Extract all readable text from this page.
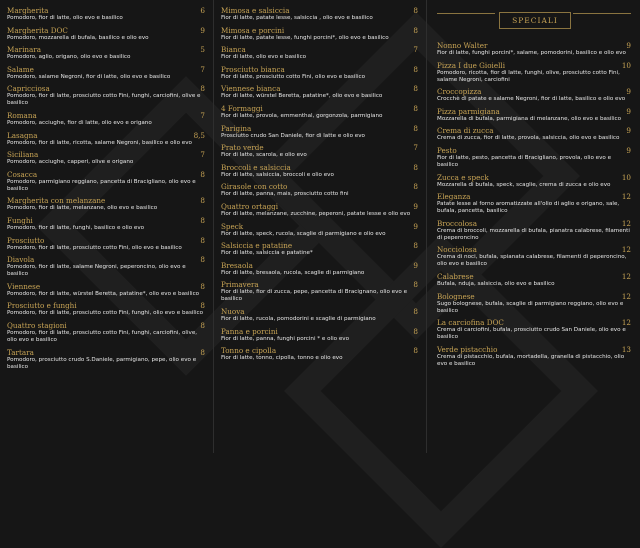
Margherita	6
Pomodoro, fior di latte, olio evo e basilico
Margherita DOC	9
Pomodoro, mozzarella di bufala, basilico e olio evo
Marinara	5
Pomodoro, aglio, origano, olio evo e basilico
Salame	7
Pomodoro, salame Negroni, fior di latte, olio evo e basilico
Capricciosa	8
Pomodoro, fior di latte, prosciutto cotto Fini, funghi, carciofini, olive e basilico
Romana	7
Pomodoro, acciughe, fior di latte, olio evo e origano
Lasagna	8,5
Pomodoro, fior di latte, ricotta, salame Negroni, basilico e olio evo
Siciliana	7
Pomodoro, acciughe, capperi, olive e origano
Cosacca	8
Pomodoro, parmigiano reggiano, pancetta di Bracigliano, olio evo e basilico
Margherita con melanzane	8
Pomodoro, fior di latte, melanzane, olio evo e basilico
Funghi	8
Pomodoro, fior di latte, funghi, basilico e olio evo
Prosciutto	8
Pomodoro, fior di latte, prosciutto cotto Fini, olio evo e basilico
Diavola	8
Pomodoro, fior di latte, salame Negroni, peperoncino, olio evo e basilico
Viennese	8
Pomodoro, fior di latte, würstel Beretta, patatine*, olio evo e basilico
Prosciutto e funghi	8
Pomodoro, fior di latte, prosciutto cotto Fini, funghi, olio evo e basilico
Quattro stagioni	8
Pomodoro, fior di latte, prosciutto cotto Fini, funghi, carciofini, olive, olio evo e basilico
Tartara	8
Pomodoro, prosciutto crudo S.Daniele, parmigiano, pepe, olio evo e basilico
Mimosa e salsiccia	8
Fior di latte, patate lesse, salsiccia , olio evo e basilico
Mimosa e porcini	8
Fior di latte, patate lesse, funghi porcini*, olio evo e basilico
Bianca	7
Fior di latte, olio evo e basilico
Prosciutto bianca	8
Fior di latte, prosciutto cotto Fini, olio evo e basilico
Viennese bianca	8
Fior di latte, würstel Beretta, patatine*, olio evo e basilico
4 Formaggi	8
Fior di latte, provola, emmenthal, gorgonzola, parmigiano
Parigina	8
Prosciutto crudo San Daniele, fior di latte e olio evo
Prato verde	7
Fior di latte, scarola, e olio evo
Broccoli e salsiccia	8
Fior di latte, salsiccia, broccoli e olio evo
Girasole con cotto	8
Fior di latte, panna, mais, prosciutto cotto fini
Quattro ortaggi	9
Fior di latte, melanzane, zucchine, peperoni, patate lesse e olio evo
Speck	9
Fior di latte, speck, rucola, scaglie di parmigiano e olio evo
Salsiccia e patatine	8
Fior di latte, salsiccia e patatine*
Bresaola	9
Fior di latte, bresaola, rucola, scaglie di parmigiano
Primavera	8
Fior di latte, fior di zucca, pepe, pancetta di Bracignano, olio evo e basilico
Nuova	8
Fior di latte, rucola, pomodorini e scaglie di parmigiano
Panna e porcini	8
Fior di latte, panna, funghi porcini * e olio evo
Tonno e cipolla	8
Fior di latte, tonno, cipolla, tonno e olio evo
SPECIALI
Nonno Walter	9
Fior di latte, funghi porcini*, salame, pomodorini, basilico e olio evo
Pizza I due Gioielli	10
Pomodoro, ricotta, fior di latte, funghi, olive, prosciutto cotto Fini, salame Negroni, carciofini
Croccopizza	9
Crocchè di patate e salame Negroni, fior di latte, basilico e olio evo
Pizza parmigiana	9
Mozzarella di bufala, parmigiana di melanzane, olio evo e basilico
Crema di zucca	9
Crema di zucca, fior di latte, provola, salsiccia, olio evo e basilico
Pesto	9
Fior di latte, pesto, pancetta di Bracigliano, provola, olio evo e basilico
Zucca e speck	10
Mozzarella di bufala, speck, scaglie, crema di zucca e olio evo
Eleganza	12
Patate lesse al forno aromatizzate all'olio di aglio e origano, sale, bufala, pancetta, basilico
Broccolosa	12
Crema di broccoli, mozzarella di bufala, pianatra calabrese, filamenti di peperoncino
Nocciolosa	12
Crema di noci, bufala, spianata calabrese, filamenti di peperoncino, olio evo e basilico
Calabrese	12
Bufala, nduja, salsiccia, olio evo e basilico
Bolognese	12
Sugo bolognese, bufala, scaglie di parmigiano reggiano, olio evo e basilico
La carciofina DOC	12
Crema di carciofini, bufala, prosciutto crudo San Daniele, olio evo e basilico
Verde pistacchio	13
Crema di pistacchio, bufala, mortadella, granella di pistacchio, olio evo e basilico
